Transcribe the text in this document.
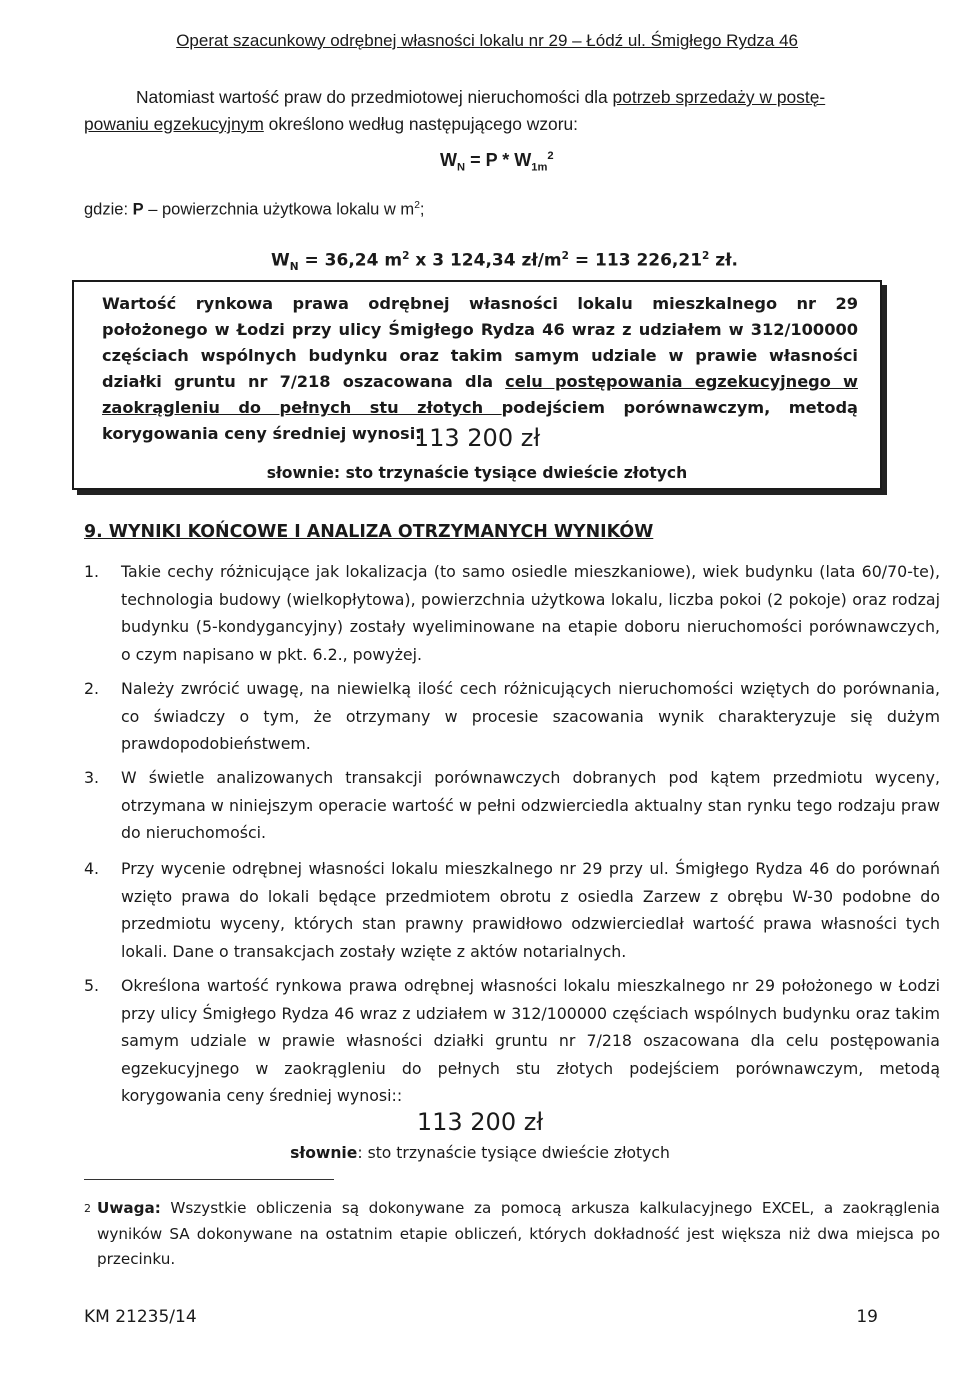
Operat szacunkowy odrębnej własności lokalu nr 29 – Łódź ul. Śmigłego Rydza 46
Natomiast wartość praw do przedmiotowej nieruchomości dla potrzeb sprzedaży w postę-
powaniu egzekucyjnym określono według następującego wzoru:
$W_N = P * W_{1m}^2$
gdzie: P – powierzchnia użytkowa lokalu w $m^2$;
$W_N = 36,24$ $m^2$ x 3 124,34 $zł/m^2 = 113$ 226,21$^2$ zł.
Wartość rynkowa prawa odrębnej własności lokalu mieszkalnego nr 29 położonego w Łodzi przy ulicy Śmigłego Rydza 46 wraz z udziałem w 312/100000 częściach wspólnych budynku oraz takim samym udziale w prawie własności działki gruntu nr 7/218 oszacowana dla celu postępowania egzekucyjnego w zaokrągleniu do pełnych stu złotych podejściem porównawczym, metodą korygowania ceny średniej wynosi:
113 200 zł
słownie: sto trzynaście tysiące dwieście złotych
9. WYNIKI KOŃCOWE I ANALIZA OTRZYMANYCH WYNIKÓW
1. Takie cechy różnicujące jak lokalizacja (to samo osiedle mieszkaniowe), wiek budynku (lata 60/70-te), technologia budowy (wielkopłytowa), powierzchnia użytkowa lokalu, liczba pokoi (2 pokoje) oraz rodzaj budynku (5-kondygancyjny) zostały wyeliminowane na etapie doboru nieruchomości porównawczych, o czym napisano w pkt. 6.2., powyżej.
2. Należy zwrócić uwagę, na niewielką ilość cech różnicujących nieruchomości wziętych do porównania, co świadczy o tym, że otrzymany w procesie szacowania wynik charakteryzuje się dużym prawdopodobieństwem.
3. W świetle analizowanych transakcji porównawczych dobranych pod kątem przedmiotu wyceny, otrzymana w niniejszym operacie wartość w pełni odzwierciedla aktualny stan rynku tego rodzaju praw do nieruchomości.
4. Przy wycenie odrębnej własności lokalu mieszkalnego nr 29 przy ul. Śmigłego Rydza 46 do porównań wzięto prawa do lokali będące przedmiotem obrotu z osiedla Zarzew z obrębu W-30 podobne do przedmiotu wyceny, których stan prawny prawidłowo odzwierciedlał wartość prawa własności tych lokali. Dane o transakcjach zostały wzięte z aktów notarialnych.
5. Określona wartość rynkowa prawa odrębnej własności lokalu mieszkalnego nr 29 położonego w Łodzi przy ulicy Śmigłego Rydza 46 wraz z udziałem w 312/100000 częściach wspólnych budynku oraz takim samym udziale w prawie własności działki gruntu nr 7/218 oszacowana dla celu postępowania egzekucyjnego w zaokrągleniu do pełnych stu złotych podejściem porównawczym, metodą korygowania ceny średniej wynosi::
113 200 zł
słownie: sto trzynaście tysiące dwieście złotych
2 Uwaga: Wszystkie obliczenia są dokonywane za pomocą arkusza kalkulacyjnego EXCEL, a zaokrąglenia wyników SA dokonywane na ostatnim etapie obliczeń, których dokładność jest większa niż dwa miejsca po przecinku.
KM 21235/14	19
